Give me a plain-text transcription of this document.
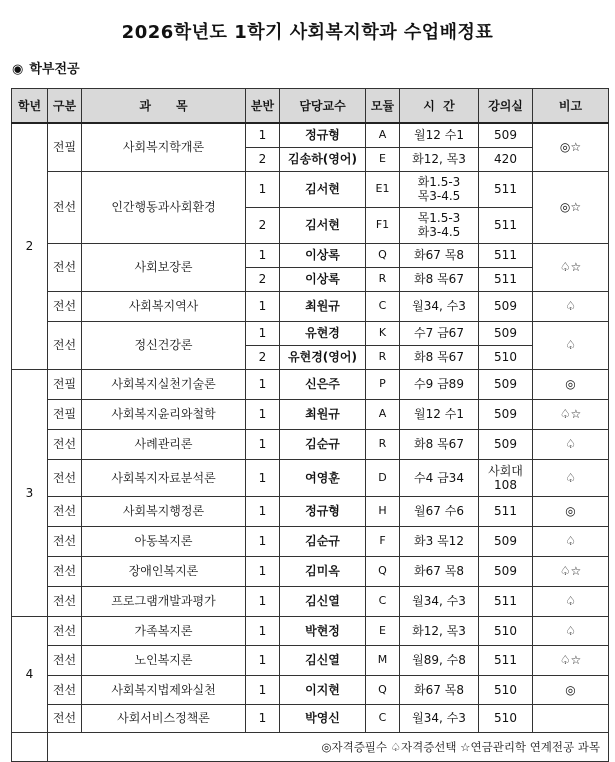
2026학년도 1학기 사회복지학과 수업배정표
◉ 학부전공
학년	구분	과      목	분반	담당교수	모듈	시  간	강의실	비고
2	전필	사회복지학개론	1	정규형	A	월12 수1	509	◎☆
			2	김송하(영어)	E	화12, 목3	420	
	전선	인간행동과사회환경	1	김서현	E1	화1.5-3
목3-4.5	511	◎☆
			2	김서현	F1	목1.5-3
화3-4.5	511	
	전선	사회보장론	1	이상록	Q	화67 목8	511	♤☆
			2	이상록	R	화8 목67	511	
	전선	사회복지역사	1	최원규	C	월34, 수3	509	♤
	전선	정신건강론	1	유현경	K	수7 금67	509	♤
			2	유현경(영어)	R	화8 목67	510	
3	전필	사회복지실천기술론	1	신은주	P	수9 금89	509	◎
	전필	사회복지윤리와철학	1	최원규	A	월12 수1	509	♤☆
	전선	사례관리론	1	김순규	R	화8 목67	509	♤
	전선	사회복지자료분석론	1	여영훈	D	수4 금34	사회대
108	♤
	전선	사회복지행정론	1	정규형	H	월67 수6	511	◎
	전선	아동복지론	1	김순규	F	화3 목12	509	♤
	전선	장애인복지론	1	김미옥	Q	화67 목8	509	♤☆
	전선	프로그램개발과평가	1	김신열	C	월34, 수3	511	♤
4	전선	가족복지론	1	박현정	E	화12, 목3	510	♤
	전선	노인복지론	1	김신열	M	월89, 수8	511	♤☆
	전선	사회복지법제와실천	1	이지현	Q	화67 목8	510	◎
	전선	사회서비스정책론	1	박영신	C	월34, 수3	510	
	◎자격증필수 ♤자격증선택 ☆연금관리학 연계전공 과목							
